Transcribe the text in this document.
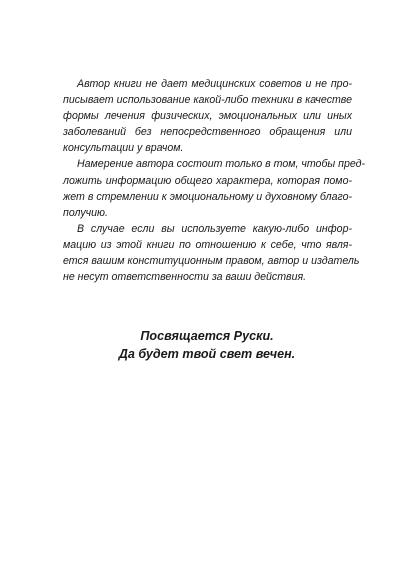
Автор книги не дает медицинских советов и не про-
писывает использование какой-либо техники в качестве
формы лечения физических, эмоциональных или иных
заболеваний без непосредственного обращения или
консультации у врачом.

Намерение автора состоит только в том, чтобы пред-
ложить информацию общего характера, которая помо-
жет в стремлении к эмоциональному и духовному благо-
получию.

В случае если вы используете какую-либо инфор-
мацию из этой книги по отношению к себе, что явля-
ется вашим конституционным правом, автор и издатель
не несут ответственности за ваши действия.

Посвящается Руски.
Да будет твой свет вечен.
